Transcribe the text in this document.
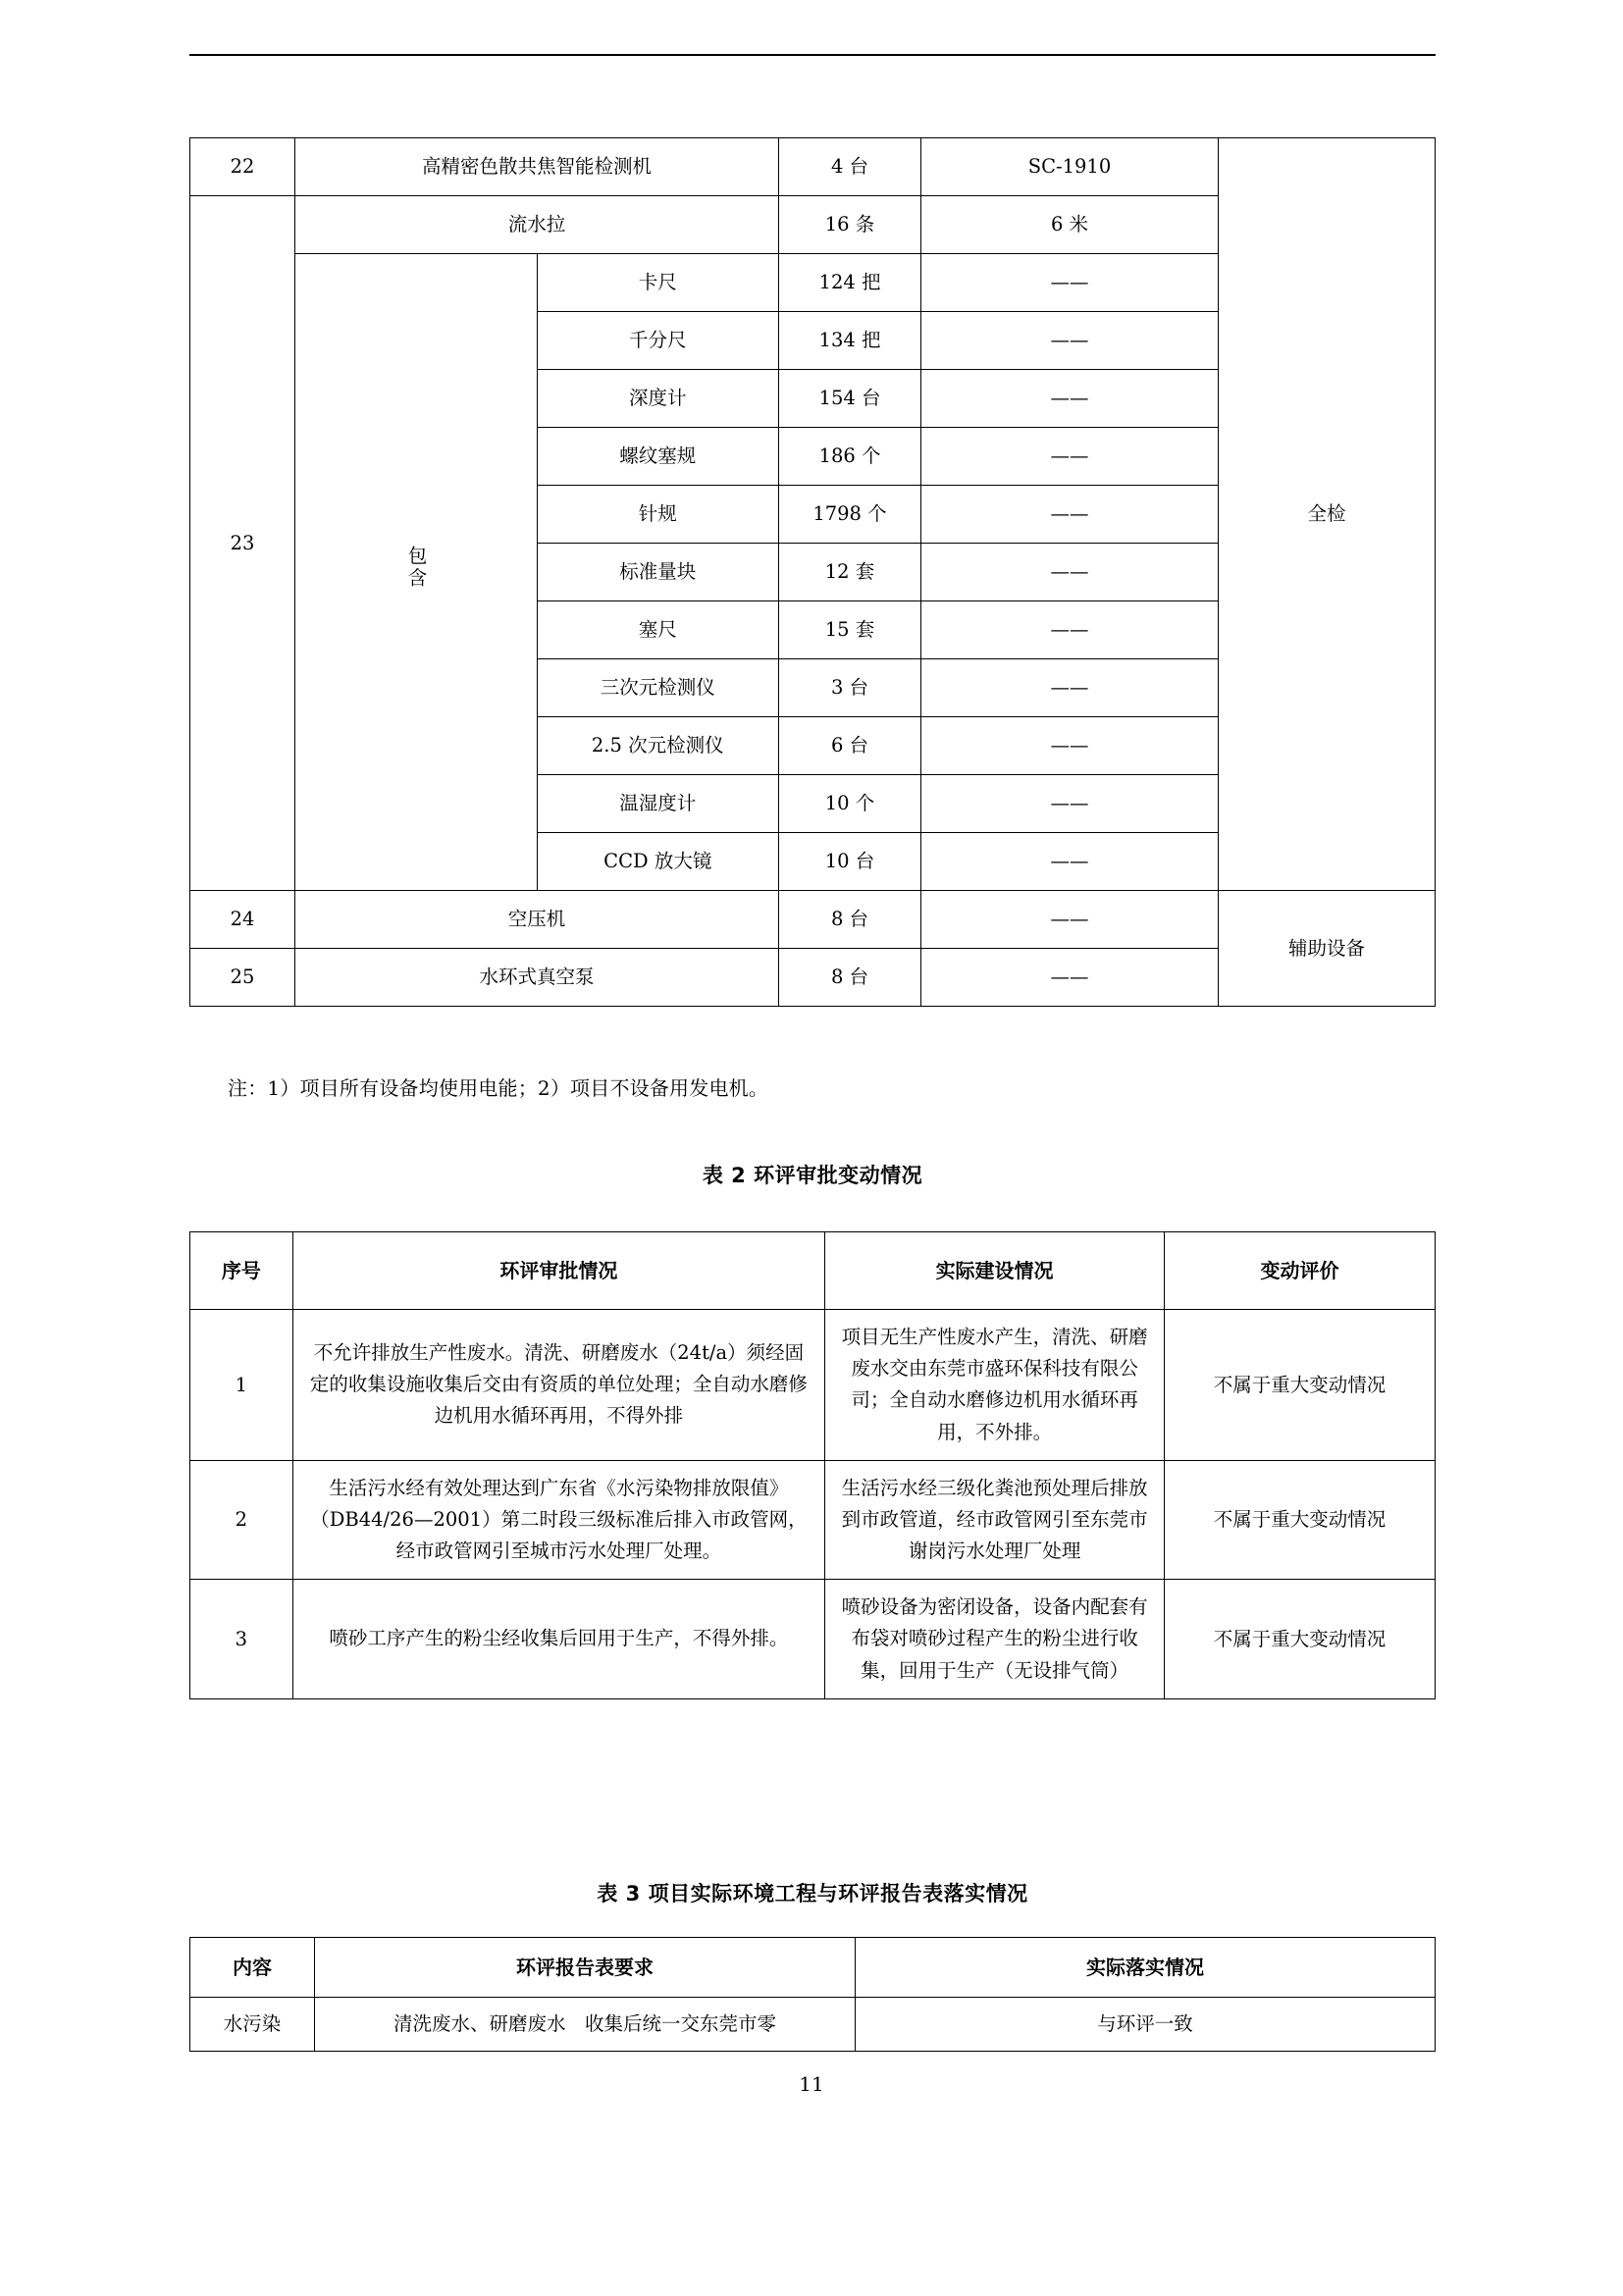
22	高精密色散共焦智能检测机		4 台	SC-1910	全检
23	流水拉		16 条	6 米	
	包含	卡尺	124 把	——	
		千分尺	134 把	——	
		深度计	154 台	——	
		螺纹塞规	186 个	——	
		针规	1798 个	——	
		标准量块	12 套	——	
		塞尺	15 套	——	
		三次元检测仪	3 台	——	
		2.5 次元检测仪	6 台	——	
		温湿度计	10 个	——	
		CCD 放大镜	10 台	——	
24	空压机		8 台	——	辅助设备
25	水环式真空泵		8 台	——	
注：1）项目所有设备均使用电能；2）项目不设备用发电机。
表 2 环评审批变动情况
序号	环评审批情况	实际建设情况	变动评价
1	不允许排放生产性废水。清洗、研磨废水（24t/a）须经固定的收集设施收集后交由有资质的单位处理；全自动水磨修边机用水循环再用，不得外排	项目无生产性废水产生，清洗、研磨废水交由东莞市盛环保科技有限公司；全自动水磨修边机用水循环再用，不外排。	不属于重大变动情况
2	生活污水经有效处理达到广东省《水污染物排放限值》（DB44/26—2001）第二时段三级标准后排入市政管网，经市政管网引至城市污水处理厂处理。	生活污水经三级化粪池预处理后排放到市政管道，经市政管网引至东莞市谢岗污水处理厂处理	不属于重大变动情况
3	喷砂工序产生的粉尘经收集后回用于生产，不得外排。	喷砂设备为密闭设备，设备内配套有布袋对喷砂过程产生的粉尘进行收集，回用于生产（无设排气筒）	不属于重大变动情况
表 3 项目实际环境工程与环评报告表落实情况
内容	环评报告表要求	实际落实情况
水污染	清洗废水、研磨废水　收集后统一交东莞市零	与环评一致
11
